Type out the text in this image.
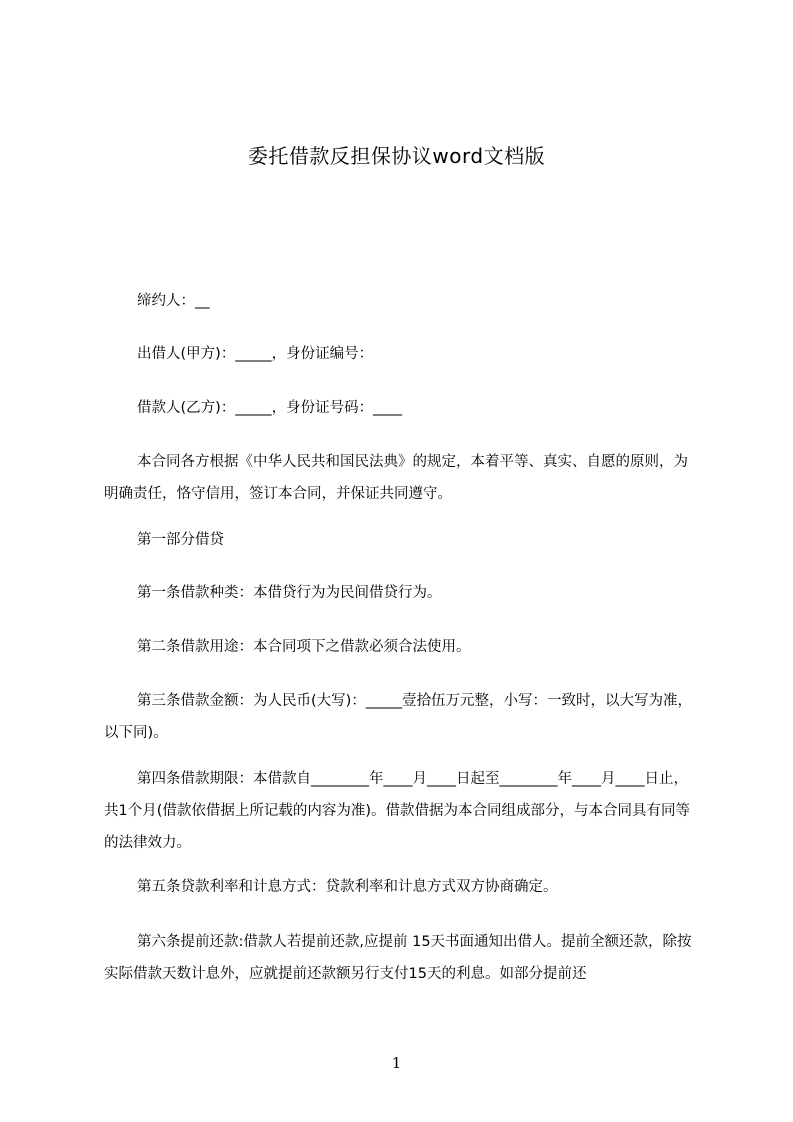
委托借款反担保协议word文档版
缔约人：__
出借人(甲方)：_____，身份证编号：
借款人(乙方)：_____，身份证号码：____
本合同各方根据《中华人民共和国民法典》的规定，本着平等、真实、自愿的原则，为明确责任，恪守信用，签订本合同，并保证共同遵守。
第一部分借贷
第一条借款种类：本借贷行为为民间借贷行为。
第二条借款用途：本合同项下之借款必须合法使用。
第三条借款金额：为人民币(大写)：_____壹拾伍万元整，小写：一致时，以大写为准，以下同)。
第四条借款期限：本借款自________年____月____日起至________年____月____日止，共1个月(借款依借据上所记载的内容为准)。借款借据为本合同组成部分，与本合同具有同等的法律效力。
第五条贷款利率和计息方式：贷款利率和计息方式双方协商确定。
第六条提前还款:借款人若提前还款,应提前 15天书面通知出借人。提前全额还款，除按实际借款天数计息外，应就提前还款额另行支付15天的利息。如部分提前还
1
